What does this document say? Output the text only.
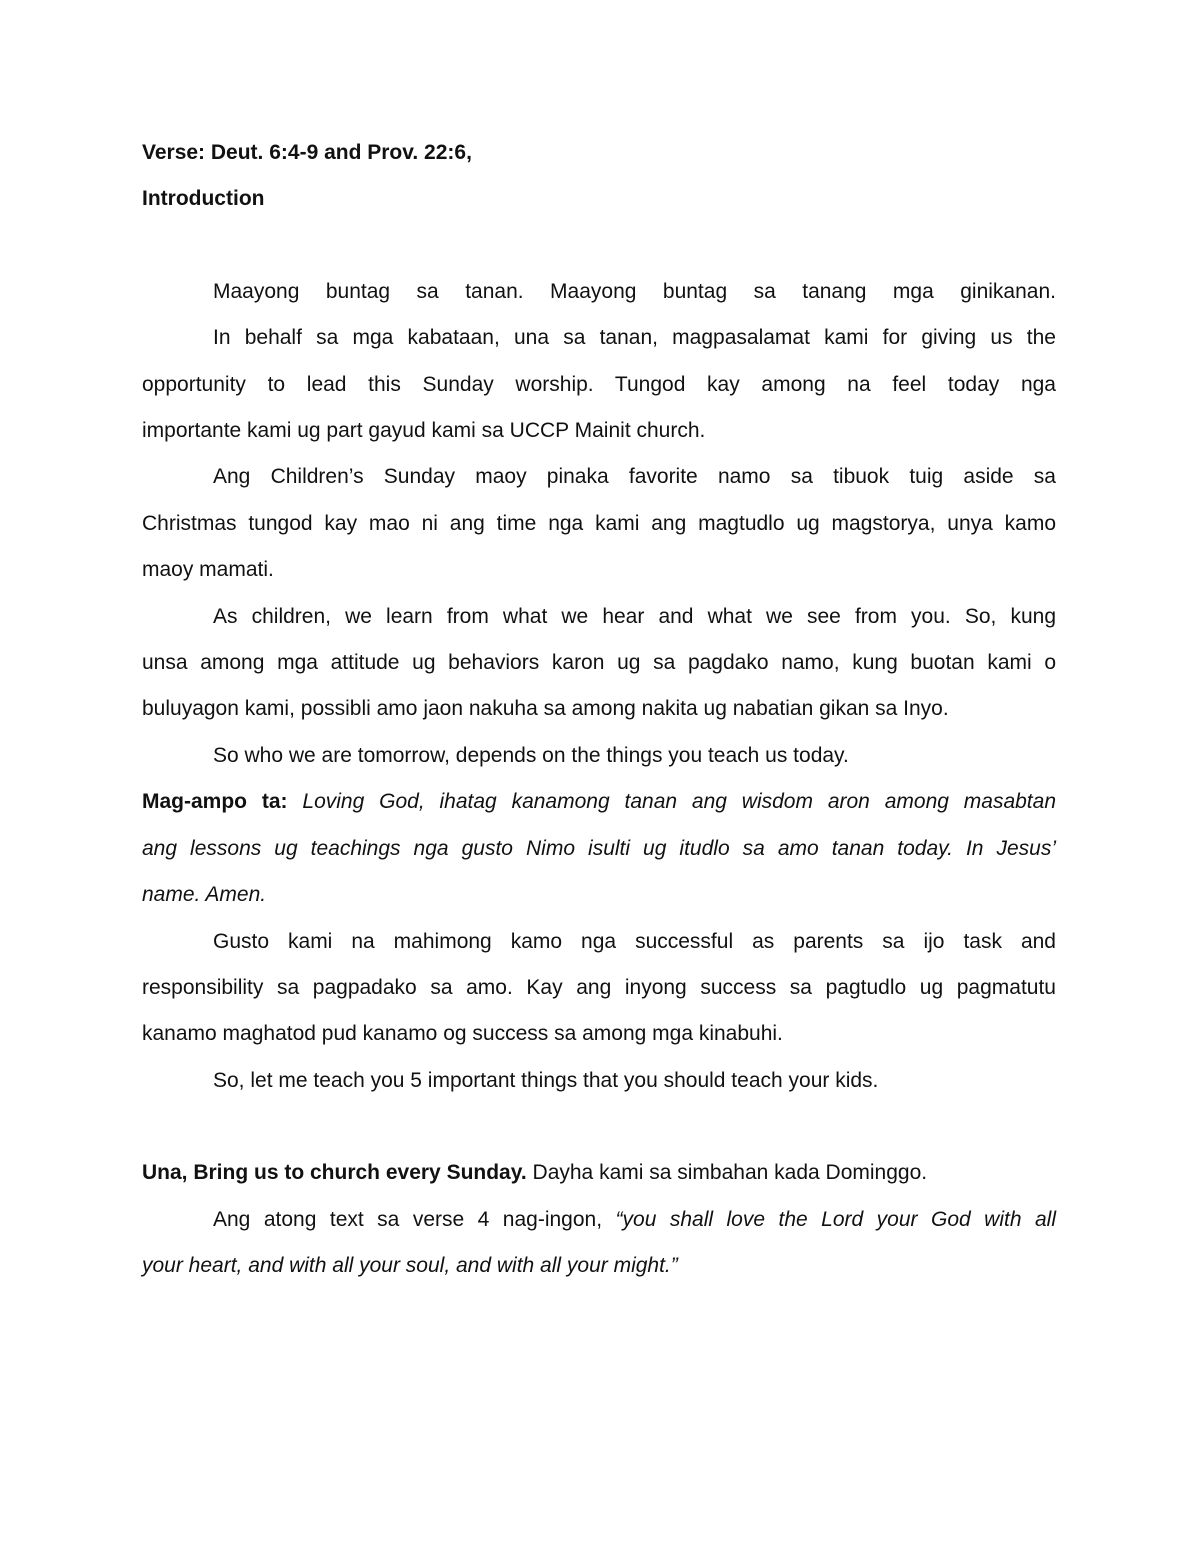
Verse: Deut. 6:4-9 and Prov. 22:6,
Introduction
Maayong buntag sa tanan. Maayong buntag sa tanang mga ginikanan.
In behalf sa mga kabataan, una sa tanan, magpasalamat kami for giving us the
opportunity to lead this Sunday worship. Tungod kay among na feel today nga
importante kami ug part gayud kami sa UCCP Mainit church.
Ang Children’s Sunday maoy pinaka favorite namo sa tibuok tuig aside sa
Christmas tungod kay mao ni ang time nga kami ang magtudlo ug magstorya, unya kamo
maoy mamati.
As children, we learn from what we hear and what we see from you. So, kung
unsa among mga attitude ug behaviors karon ug sa pagdako namo, kung buotan kami o
buluyagon kami, possibli amo jaon nakuha sa among nakita ug nabatian gikan sa Inyo.
So who we are tomorrow, depends on the things you teach us today.
Mag-ampo ta: Loving God, ihatag kanamong tanan ang wisdom aron among masabtan
ang lessons ug teachings nga gusto Nimo isulti ug itudlo sa amo tanan today. In Jesus’
name. Amen.
Gusto kami na mahimong kamo nga successful as parents sa ijo task and
responsibility sa pagpadako sa amo. Kay ang inyong success sa pagtudlo ug pagmatutu
kanamo maghatod pud kanamo og success sa among mga kinabuhi.
So, let me teach you 5 important things that you should teach your kids.
Una, Bring us to church every Sunday. Dayha kami sa simbahan kada Dominggo.
Ang atong text sa verse 4 nag-ingon, “you shall love the Lord your God with all
your heart, and with all your soul, and with all your might.”
